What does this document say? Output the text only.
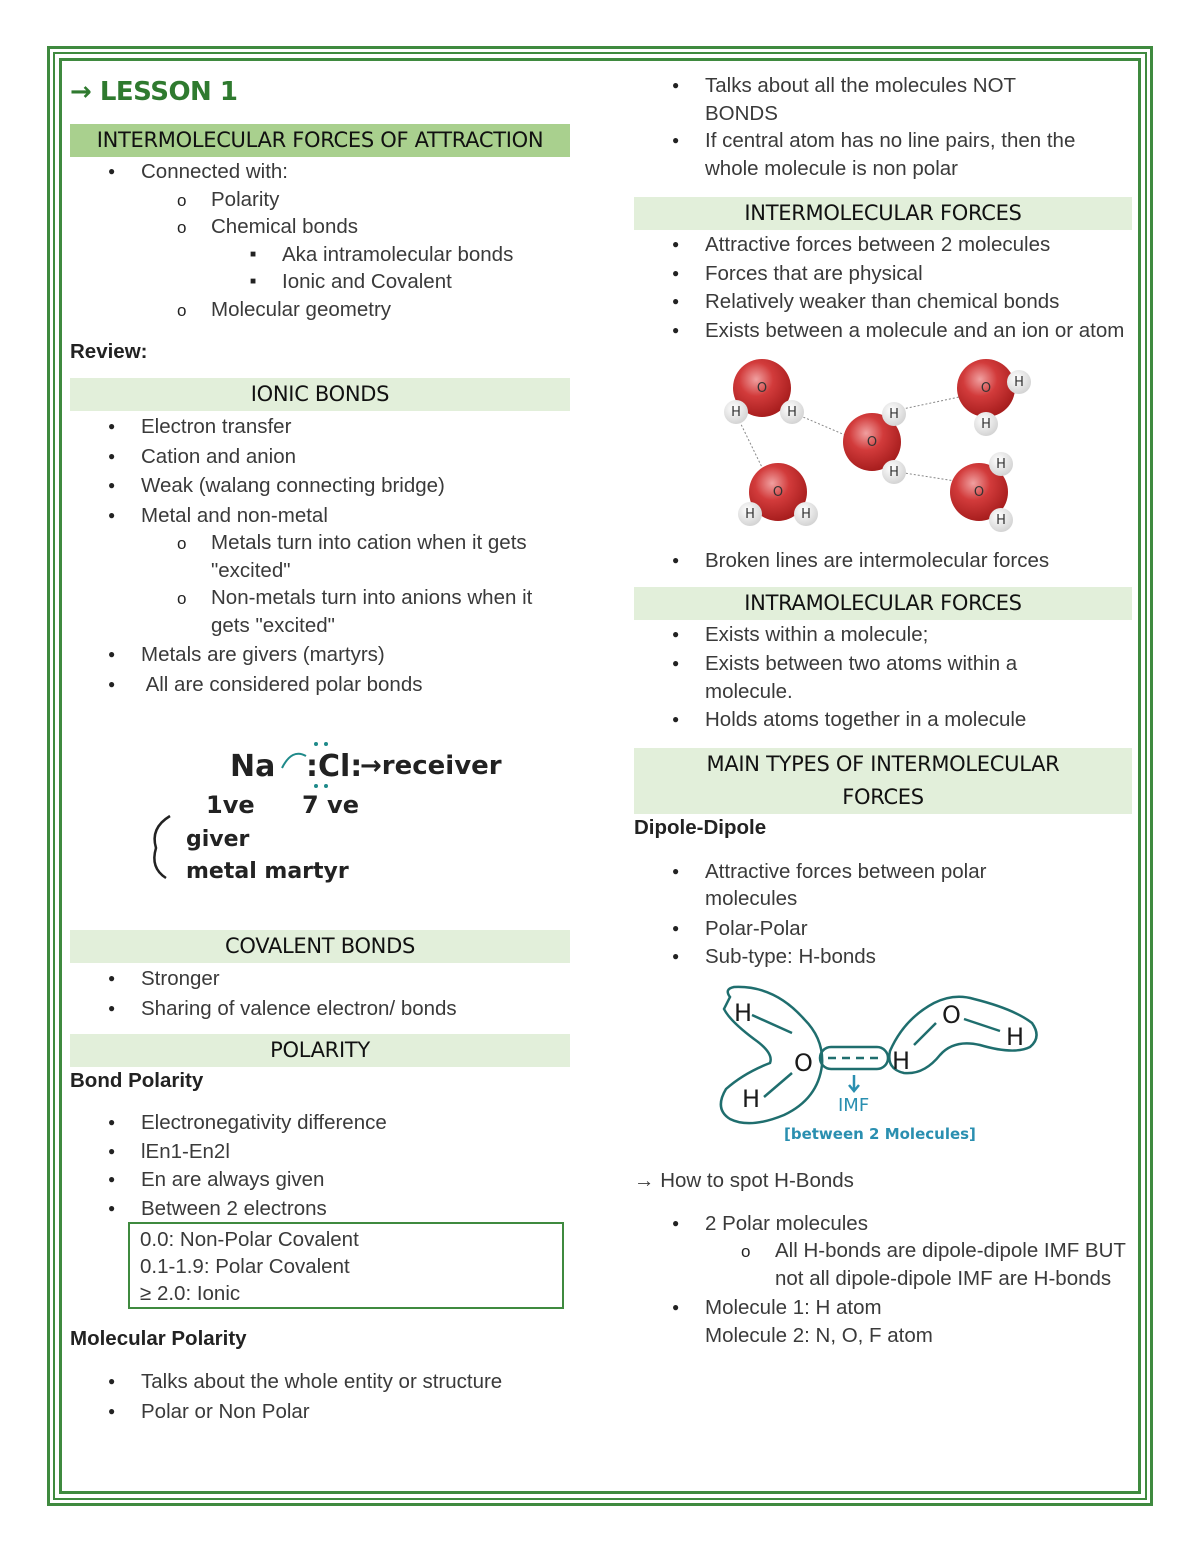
→ LESSON 1
INTERMOLECULAR FORCES OF ATTRACTION
● Connected with:
o Polarity
o Chemical bonds
■ Aka intramolecular bonds
■ Ionic and Covalent
o Molecular geometry
Review:
IONIC BONDS
● Electron transfer
● Cation and anion
● Weak (walang connecting bridge)
● Metal and non-metal
o Metals turn into cation when it gets "excited"
o Non-metals turn into anions when it gets "excited"
● Metals are givers (martyrs)
●  All are considered polar bonds
Na :Cl:
→receiver
1ve 7 ve
giver
metal martyr
COVALENT BONDS
● Stronger
● Sharing of valence electron/ bonds
POLARITY
Bond Polarity
● Electronegativity difference
● lEn1-En2l
● En are always given
● Between 2 electrons
0.0: Non-Polar Covalent
0.1-1.9: Polar Covalent
≥ 2.0: Ionic
Molecular Polarity
● Talks about the whole entity or structure
● Polar or Non Polar
● Talks about all the molecules NOT BONDS
● If central atom has no line pairs, then the whole molecule is non polar
INTERMOLECULAR FORCES
● Attractive forces between 2 molecules
● Forces that are physical
● Relatively weaker than chemical bonds
● Exists between a molecule and an ion or atom
O
H	H
O
H
H
O H
H
O
H	H
O
H
H
● Broken lines are intermolecular forces
INTRAMOLECULAR FORCES
● Exists within a molecule;
● Exists between two atoms within a molecule.
● Holds atoms together in a molecule
MAIN TYPES OF INTERMOLECULAR FORCES
Dipole-Dipole
● Attractive forces between polar molecules
● Polar-Polar
● Sub-type: H-bonds
H
O
H
H
O
H
IMF
[between 2 Molecules]
→ How to spot H-Bonds
● 2 Polar molecules
o All H-bonds are dipole-dipole IMF BUT not all dipole-dipole IMF are H-bonds
● Molecule 1: H atom
Molecule 2: N, O, F atom
